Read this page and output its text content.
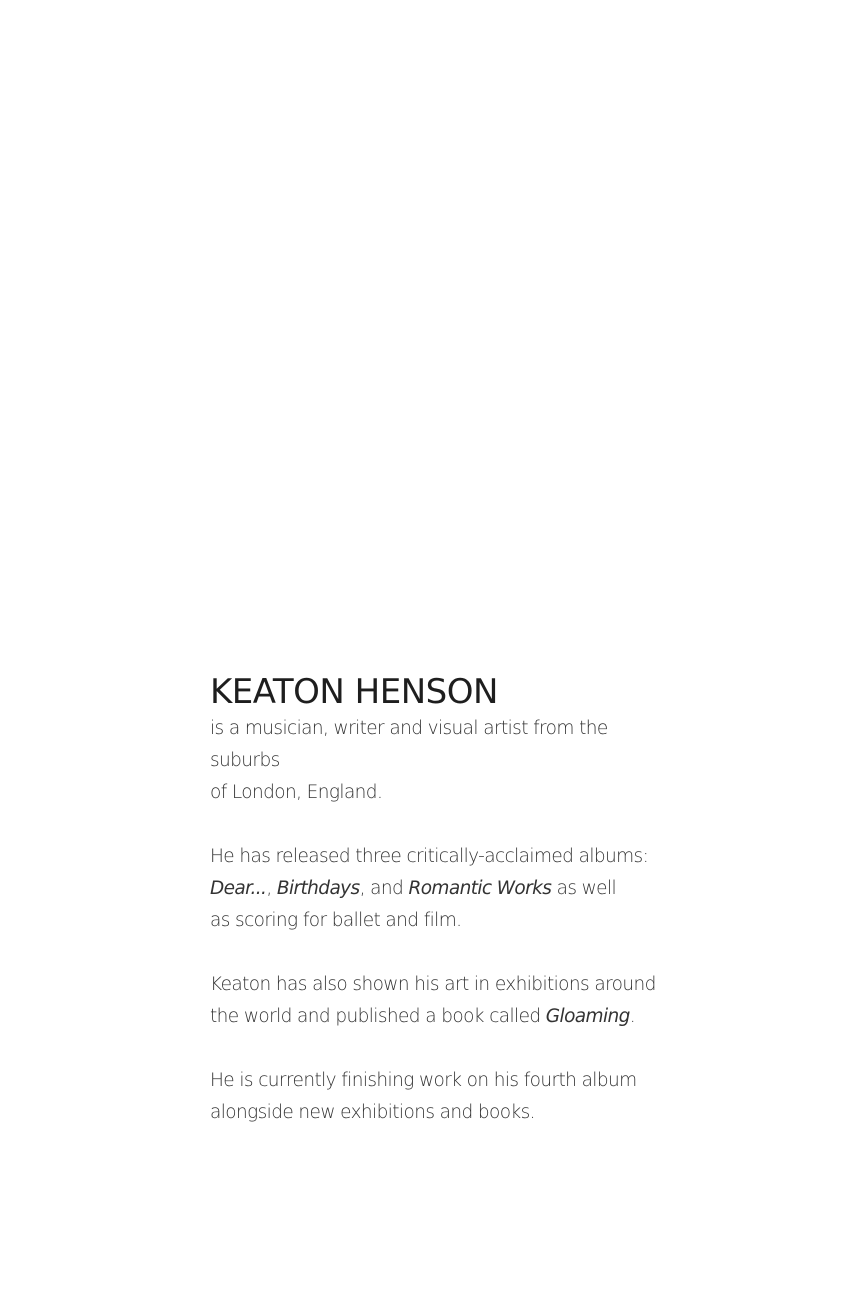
KEATON HENSON

is a musician, writer and visual artist from the suburbs
of London, England.

He has released three critically-acclaimed albums:
Dear..., Birthdays, and Romantic Works as well
as scoring for ballet and film.

Keaton has also shown his art in exhibitions around
the world and published a book called Gloaming.

He is currently finishing work on his fourth album
alongside new exhibitions and books.
